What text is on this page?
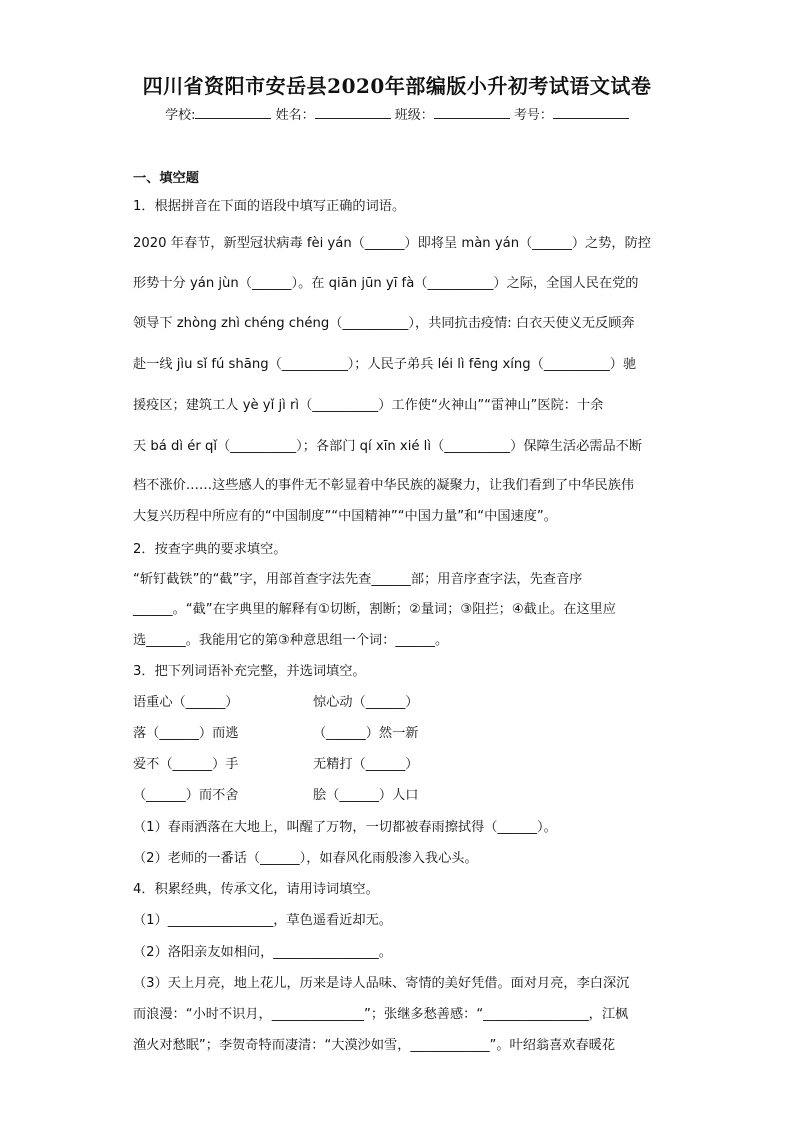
四川省资阳市安岳县2020年部编版小升初考试语文试卷
学校:	姓名：	班级：	考号：
一、填空题
1．根据拼音在下面的语段中填写正确的词语。
2020 年春节，新型冠状病毒 fèi yán（______）即将呈 màn yán（______）之势，防控
形势十分 yán jùn（______）。在 qiān jūn yī fà（__________）之际，全国人民在党的
领导下 zhòng zhì chéng chéng（__________），共同抗击疫情: 白衣天使义无反顾奔
赴一线 jìu sǐ fú shāng（__________）；人民子弟兵 léi lì fēng xíng（__________）驰
援疫区；建筑工人 yè yǐ jì rì（__________）工作使“火神山”“雷神山”医院：十余
天 bá dì ér qǐ（__________）；各部门 qí xīn xié lì（__________）保障生活必需品不断
档不涨价……这些感人的事件无不彰显着中华民族的凝聚力，让我们看到了中华民族伟
大复兴历程中所应有的“中国制度”“中国精神”“中国力量”和“中国速度”。
2．按查字典的要求填空。
“斩钉截铁”的“截”字，用部首查字法先查______部；用音序查字法，先查音序
______。“截”在字典里的解释有①切断，割断；②量词；③阻拦；④截止。在这里应
选______。我能用它的第③种意思组一个词：______。
3．把下列词语补充完整，并选词填空。
语重心（______）	惊心动（______）
落（______）而逃	（______）然一新
爱不（______）手	无精打（______）
（______）而不舍	脍（______）人口
（1）春雨洒落在大地上，叫醒了万物，一切都被春雨擦拭得（______）。
（2）老师的一番话（______），如春风化雨般渗入我心头。
4．积累经典，传承文化，请用诗词填空。
（1）________________，草色遥看近却无。
（2）洛阳亲友如相问，________________。
（3）天上月亮，地上花儿，历来是诗人品味、寄情的美好凭借。面对月亮，李白深沉
而浪漫：“小时不识月，______________”；张继多愁善感：“________________，江枫
渔火对愁眠”；李贺奇特而凄清：“大漠沙如雪，____________”。叶绍翁喜欢春暖花
